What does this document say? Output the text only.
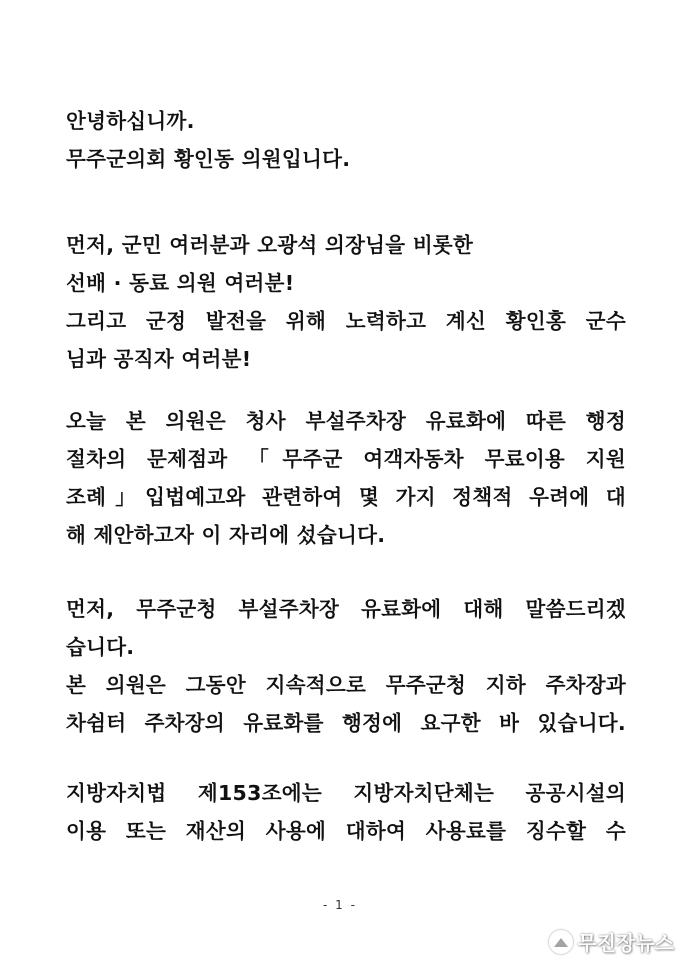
안녕하십니까.
무주군의회 황인동 의원입니다.
먼저, 군민 여러분과 오광석 의장님을 비롯한
선배 · 동료 의원 여러분!
그리고 군정 발전을 위해 노력하고 계신 황인홍 군수
님과 공직자 여러분!
오늘 본 의원은 청사 부설주차장 유료화에 따른 행정
절차의 문제점과 「무주군 여객자동차 무료이용 지원
조례」입법예고와 관련하여 몇 가지 정책적 우려에 대
해 제안하고자 이 자리에 섰습니다.
먼저, 무주군청 부설주차장 유료화에 대해 말씀드리겠
습니다.
본 의원은 그동안 지속적으로 무주군청 지하 주차장과
차쉼터 주차장의 유료화를 행정에 요구한 바 있습니다.
지방자치법 제153조에는 지방자치단체는 공공시설의
이용 또는 재산의 사용에 대하여 사용료를 징수할 수
- 1 -
무진장뉴스
